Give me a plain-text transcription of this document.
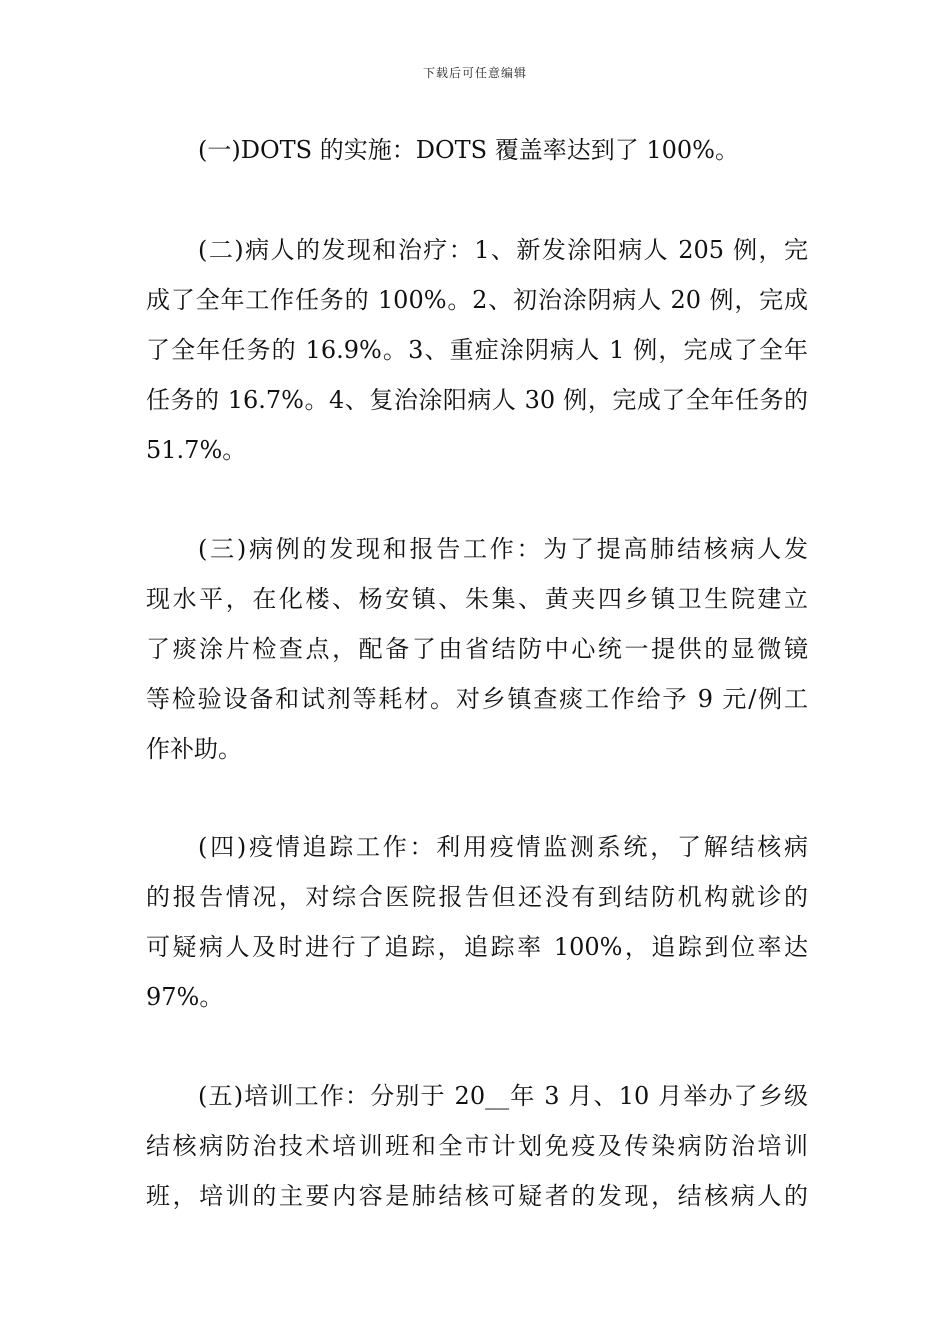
下载后可任意编辑
(一)DOTS 的实施：DOTS 覆盖率达到了 100%。
(二)病人的发现和治疗：1、新发涂阳病人 205 例，完
成了全年工作任务的 100%。2、初治涂阴病人 20 例，完成
了全年任务的 16.9%。3、重症涂阴病人 1 例，完成了全年
任务的 16.7%。4、复治涂阳病人 30 例，完成了全年任务的
51.7%。
(三)病例的发现和报告工作：为了提高肺结核病人发
现水平，在化楼、杨安镇、朱集、黄夹四乡镇卫生院建立
了痰涂片检查点，配备了由省结防中心统一提供的显微镜
等检验设备和试剂等耗材。对乡镇查痰工作给予 9 元/例工
作补助。
(四)疫情追踪工作：利用疫情监测系统，了解结核病
的报告情况，对综合医院报告但还没有到结防机构就诊的
可疑病人及时进行了追踪，追踪率 100%，追踪到位率达
97%。
(五)培训工作：分别于 20__年 3 月、10 月举办了乡级
结核病防治技术培训班和全市计划免疫及传染病防治培训
班，培训的主要内容是肺结核可疑者的发现，结核病人的
